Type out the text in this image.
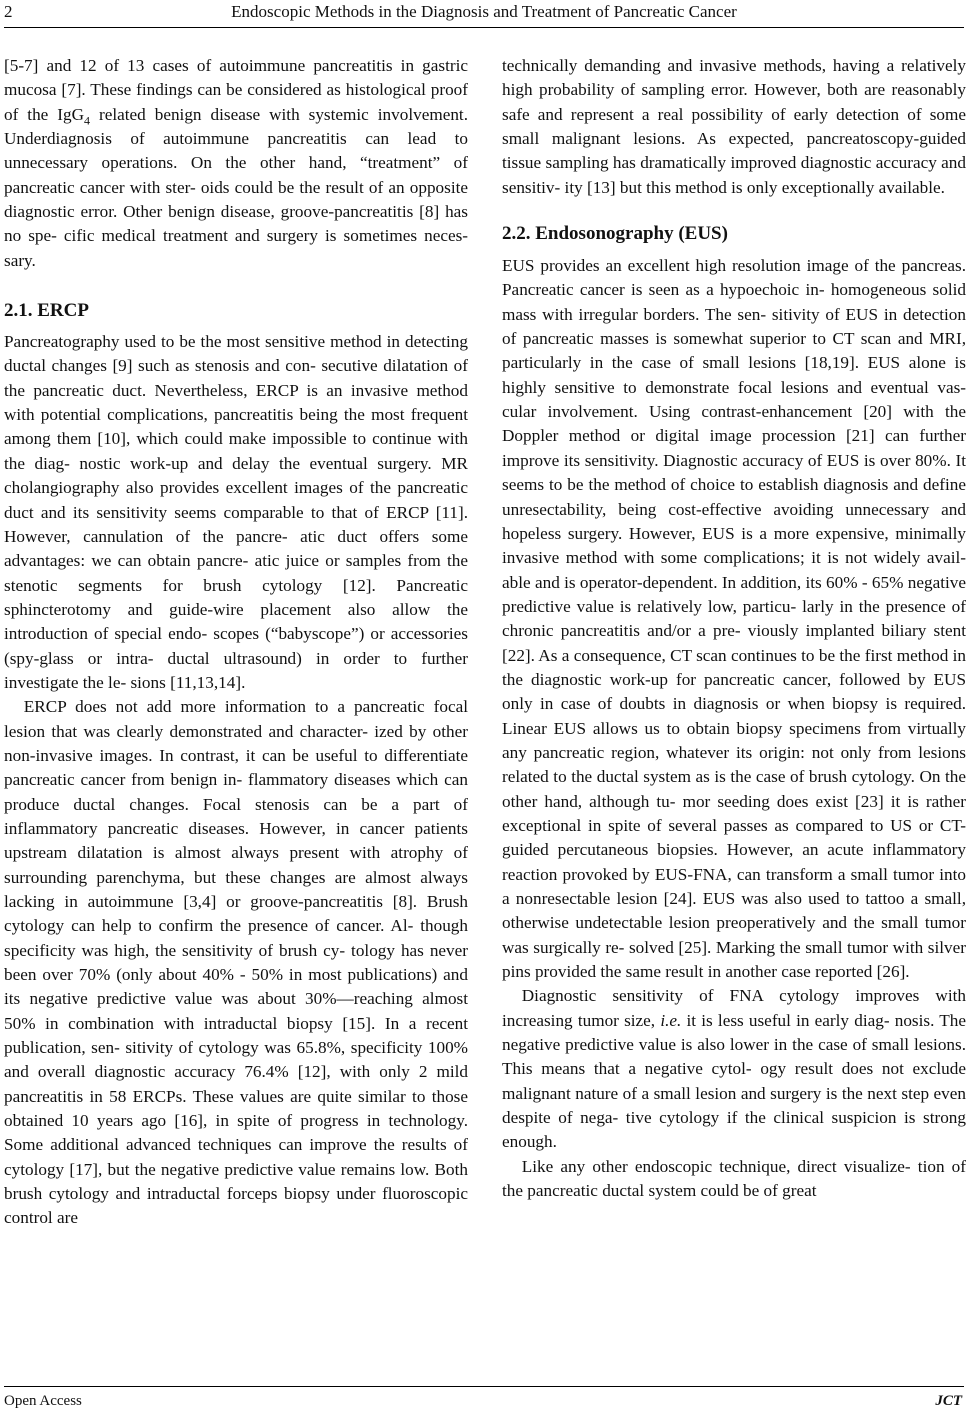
2	Endoscopic Methods in the Diagnosis and Treatment of Pancreatic Cancer

[5-7] and 12 of 13 cases of autoimmune pancreatitis in gastric mucosa [7]. These findings can be considered as histological proof of the IgG$_4$ related benign disease with systemic involvement. Underdiagnosis of autoimmune pancreatitis can lead to unnecessary operations. On the other hand, “treatment” of pancreatic cancer with ster- oids could be the result of an opposite diagnostic error. Other benign disease, groove-pancreatitis [8] has no spe- cific medical treatment and surgery is sometimes neces- sary.

2.1. ERCP

Pancreatography used to be the most sensitive method in detecting ductal changes [9] such as stenosis and con- secutive dilatation of the pancreatic duct. Nevertheless, ERCP is an invasive method with potential complications, pancreatitis being the most frequent among them [10], which could make impossible to continue with the diag- nostic work-up and delay the eventual surgery. MR cholangiography also provides excellent images of the pancreatic duct and its sensitivity seems comparable to that of ERCP [11]. However, cannulation of the pancre- atic duct offers some advantages: we can obtain pancre- atic juice or samples from the stenotic segments for brush cytology [12]. Pancreatic sphincterotomy and guide-wire placement also allow the introduction of special endo- scopes (“babyscope”) or accessories (spy-glass or intra- ductal ultrasound) in order to further investigate the le- sions [11,13,14].

ERCP does not add more information to a pancreatic focal lesion that was clearly demonstrated and character- ized by other non-invasive images. In contrast, it can be useful to differentiate pancreatic cancer from benign in- flammatory diseases which can produce ductal changes. Focal stenosis can be a part of inflammatory pancreatic diseases. However, in cancer patients upstream dilatation is almost always present with atrophy of surrounding parenchyma, but these changes are almost always lacking in autoimmune [3,4] or groove-pancreatitis [8]. Brush cytology can help to confirm the presence of cancer. Al- though specificity was high, the sensitivity of brush cy- tology has never been over 70% (only about 40% - 50% in most publications) and its negative predictive value was about 30%—reaching almost 50% in combination with intraductal biopsy [15]. In a recent publication, sen- sitivity of cytology was 65.8%, specificity 100% and overall diagnostic accuracy 76.4% [12], with only 2 mild pancreatitis in 58 ERCPs. These values are quite similar to those obtained 10 years ago [16], in spite of progress in technology. Some additional advanced techniques can improve the results of cytology [17], but the negative predictive value remains low. Both brush cytology and intraductal forceps biopsy under fluoroscopic control are

technically demanding and invasive methods, having a relatively high probability of sampling error. However, both are reasonably safe and represent a real possibility of early detection of some small malignant lesions. As expected, pancreatoscopy-guided tissue sampling has dramatically improved diagnostic accuracy and sensitiv- ity [13] but this method is only exceptionally available.

2.2. Endosonography (EUS)

EUS provides an excellent high resolution image of the pancreas. Pancreatic cancer is seen as a hypoechoic in- homogeneous solid mass with irregular borders. The sen- sitivity of EUS in detection of pancreatic masses is somewhat superior to CT scan and MRI, particularly in the case of small lesions [18,19]. EUS alone is highly sensitive to demonstrate focal lesions and eventual vas- cular involvement. Using contrast-enhancement [20] with the Doppler method or digital image procession [21] can further improve its sensitivity. Diagnostic accuracy of EUS is over 80%. It seems to be the method of choice to establish diagnosis and define unresectability, being cost-effective avoiding unnecessary and hopeless surgery. However, EUS is a more expensive, minimally invasive method with some complications; it is not widely avail- able and is operator-dependent. In addition, its 60% - 65% negative predictive value is relatively low, particu- larly in the presence of chronic pancreatitis and/or a pre- viously implanted biliary stent [22]. As a consequence, CT scan continues to be the first method in the diagnostic work-up for pancreatic cancer, followed by EUS only in case of doubts in diagnosis or when biopsy is required. Linear EUS allows us to obtain biopsy specimens from virtually any pancreatic region, whatever its origin: not only from lesions related to the ductal system as is the case of brush cytology. On the other hand, although tu- mor seeding does exist [23] it is rather exceptional in spite of several passes as compared to US or CT-guided percutaneous biopsies. However, an acute inflammatory reaction provoked by EUS-FNA, can transform a small tumor into a nonresectable lesion [24]. EUS was also used to tattoo a small, otherwise undetectable lesion preoperatively and the small tumor was surgically re- solved [25]. Marking the small tumor with silver pins provided the same result in another case reported [26].

Diagnostic sensitivity of FNA cytology improves with increasing tumor size, i.e. it is less useful in early diag- nosis. The negative predictive value is also lower in the case of small lesions. This means that a negative cytol- ogy result does not exclude malignant nature of a small lesion and surgery is the next step even despite of nega- tive cytology if the clinical suspicion is strong enough.

Like any other endoscopic technique, direct visualize- tion of the pancreatic ductal system could be of great

Open Access	JCT
